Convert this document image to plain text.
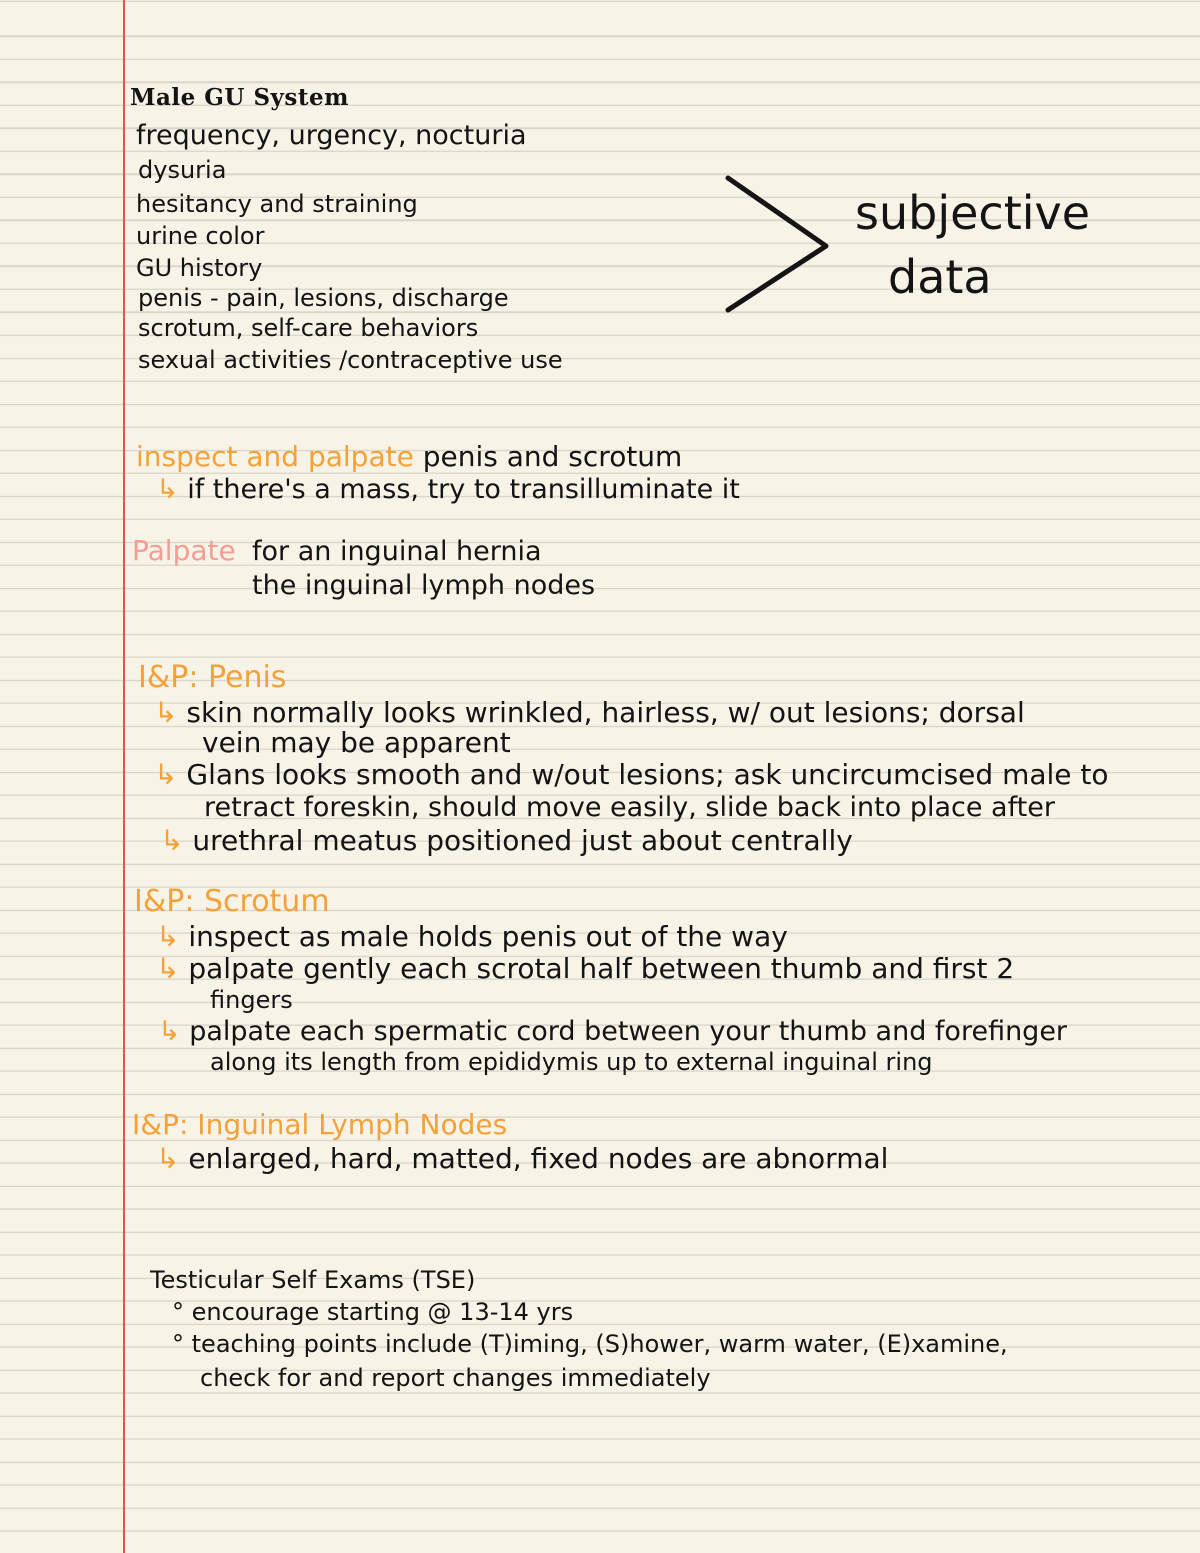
Male GU System
frequency, urgency, nocturia
dysuria
hesitancy and straining
urine color
GU history
penis - pain, lesions, discharge
scrotum, self-care behaviors
sexual activities /contraceptive use
subjective
data
inspect and palpate penis and scrotum
↳ if there's a mass, try to transilluminate it
Palpate for an inguinal hernia
the inguinal lymph nodes
I&P: Penis
↳ skin normally looks wrinkled, hairless, w/ out lesions; dorsal
vein may be apparent
↳ Glans looks smooth and w/out lesions; ask uncircumcised male to
retract foreskin, should move easily, slide back into place after
↳ urethral meatus positioned just about centrally
I&P: Scrotum
↳ inspect as male holds penis out of the way
↳ palpate gently each scrotal half between thumb and first 2
fingers
↳ palpate each spermatic cord between your thumb and forefinger
along its length from epididymis up to external inguinal ring
I&P: Inguinal Lymph Nodes
↳ enlarged, hard, matted, fixed nodes are abnormal
Testicular Self Exams (TSE)
° encourage starting @ 13-14 yrs
° teaching points include (T)iming, (S)hower, warm water, (E)xamine,
check for and report changes immediately
